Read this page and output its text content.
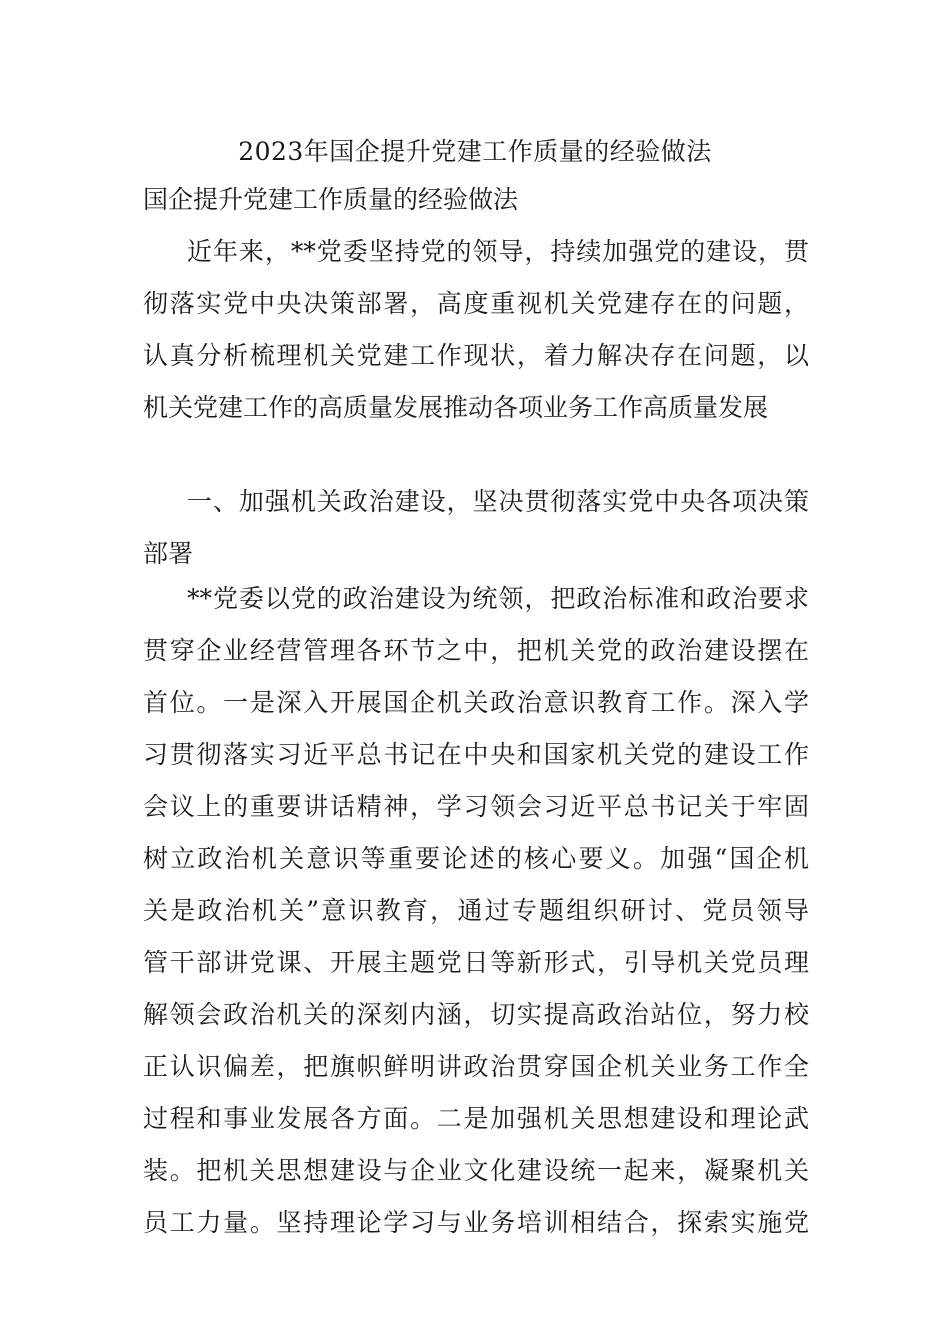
2023年国企提升党建工作质量的经验做法
国企提升党建工作质量的经验做法
近年来，**党委坚持党的领导，持续加强党的建设，贯
彻落实党中央决策部署，高度重视机关党建存在的问题，
认真分析梳理机关党建工作现状，着力解决存在问题，以
机关党建工作的高质量发展推动各项业务工作高质量发展
一、加强机关政治建设，坚决贯彻落实党中央各项决策
部署
**党委以党的政治建设为统领，把政治标准和政治要求
贯穿企业经营管理各环节之中，把机关党的政治建设摆在
首位。一是深入开展国企机关政治意识教育工作。深入学
习贯彻落实习近平总书记在中央和国家机关党的建设工作
会议上的重要讲话精神，学习领会习近平总书记关于牢固
树立政治机关意识等重要论述的核心要义。加强“国企机
关是政治机关”意识教育，通过专题组织研讨、党员领导
管干部讲党课、开展主题党日等新形式，引导机关党员理
解领会政治机关的深刻内涵，切实提高政治站位，努力校
正认识偏差，把旗帜鲜明讲政治贯穿国企机关业务工作全
过程和事业发展各方面。二是加强机关思想建设和理论武
装。把机关思想建设与企业文化建设统一起来，凝聚机关
员工力量。坚持理论学习与业务培训相结合，探索实施党
